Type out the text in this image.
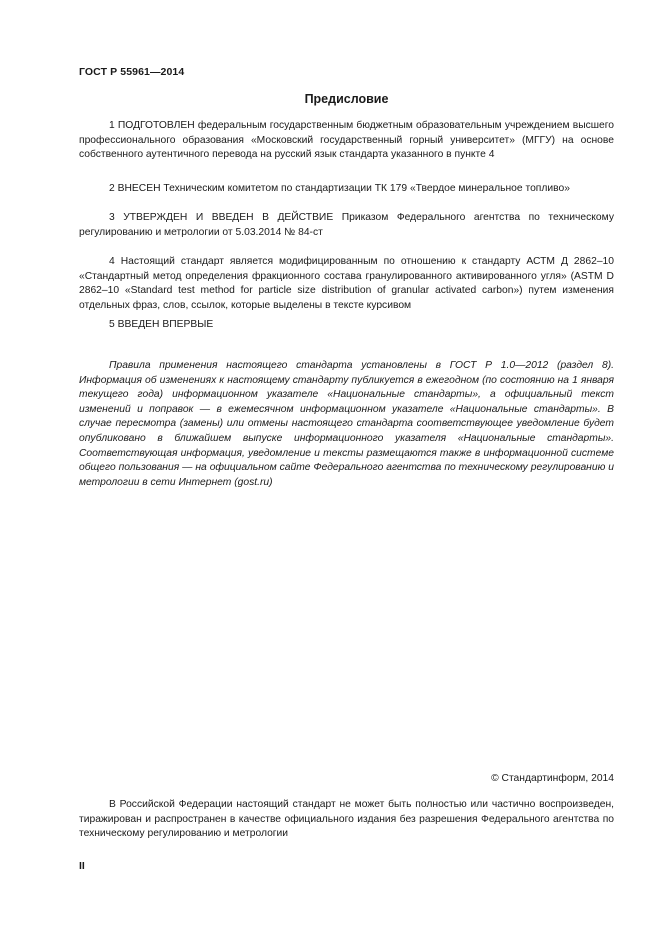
ГОСТ Р 55961—2014
Предисловие

1 ПОДГОТОВЛЕН федеральным государственным бюджетным образовательным учреждением высшего профессионального образования «Московский государственный горный университет» (МГГУ) на основе собственного аутентичного перевода на русский язык стандарта указанного в пункте 4

2 ВНЕСЕН Техническим комитетом по стандартизации ТК 179 «Твердое минеральное топливо»

3 УТВЕРЖДЕН И ВВЕДЕН В ДЕЙСТВИЕ Приказом Федерального агентства по техническому регулированию и метрологии от 5.03.2014 № 84-ст

4 Настоящий стандарт является модифицированным по отношению к стандарту АСТМ Д 2862–10 «Стандартный метод определения фракционного состава гранулированного активированного угля» (ASTM D 2862–10 «Standard test method for particle size distribution of granular activated carbon») путем изменения отдельных фраз, слов, ссылок, которые выделены в тексте курсивом

5 ВВЕДЕН ВПЕРВЫЕ

Правила применения настоящего стандарта установлены в ГОСТ Р 1.0—2012 (раздел 8). Информация об изменениях к настоящему стандарту публикуется в ежегодном (по состоянию на 1 января текущего года) информационном указателе «Национальные стандарты», а официальный текст изменений и поправок — в ежемесячном информационном указателе «Национальные стандарты». В случае пересмотра (замены) или отмены настоящего стандарта соответствующее уведомление будет опубликовано в ближайшем выпуске информационного указателя «Национальные стандарты». Соответствующая информация, уведомление и тексты размещаются также в информационной системе общего пользования — на официальном сайте Федерального агентства по техническому регулированию и метрологии в сети Интернет (gost.ru)

© Стандартинформ, 2014

В Российской Федерации настоящий стандарт не может быть полностью или частично воспроизведен, тиражирован и распространен в качестве официального издания без разрешения Федерального агентства по техническому регулированию и метрологии

II
